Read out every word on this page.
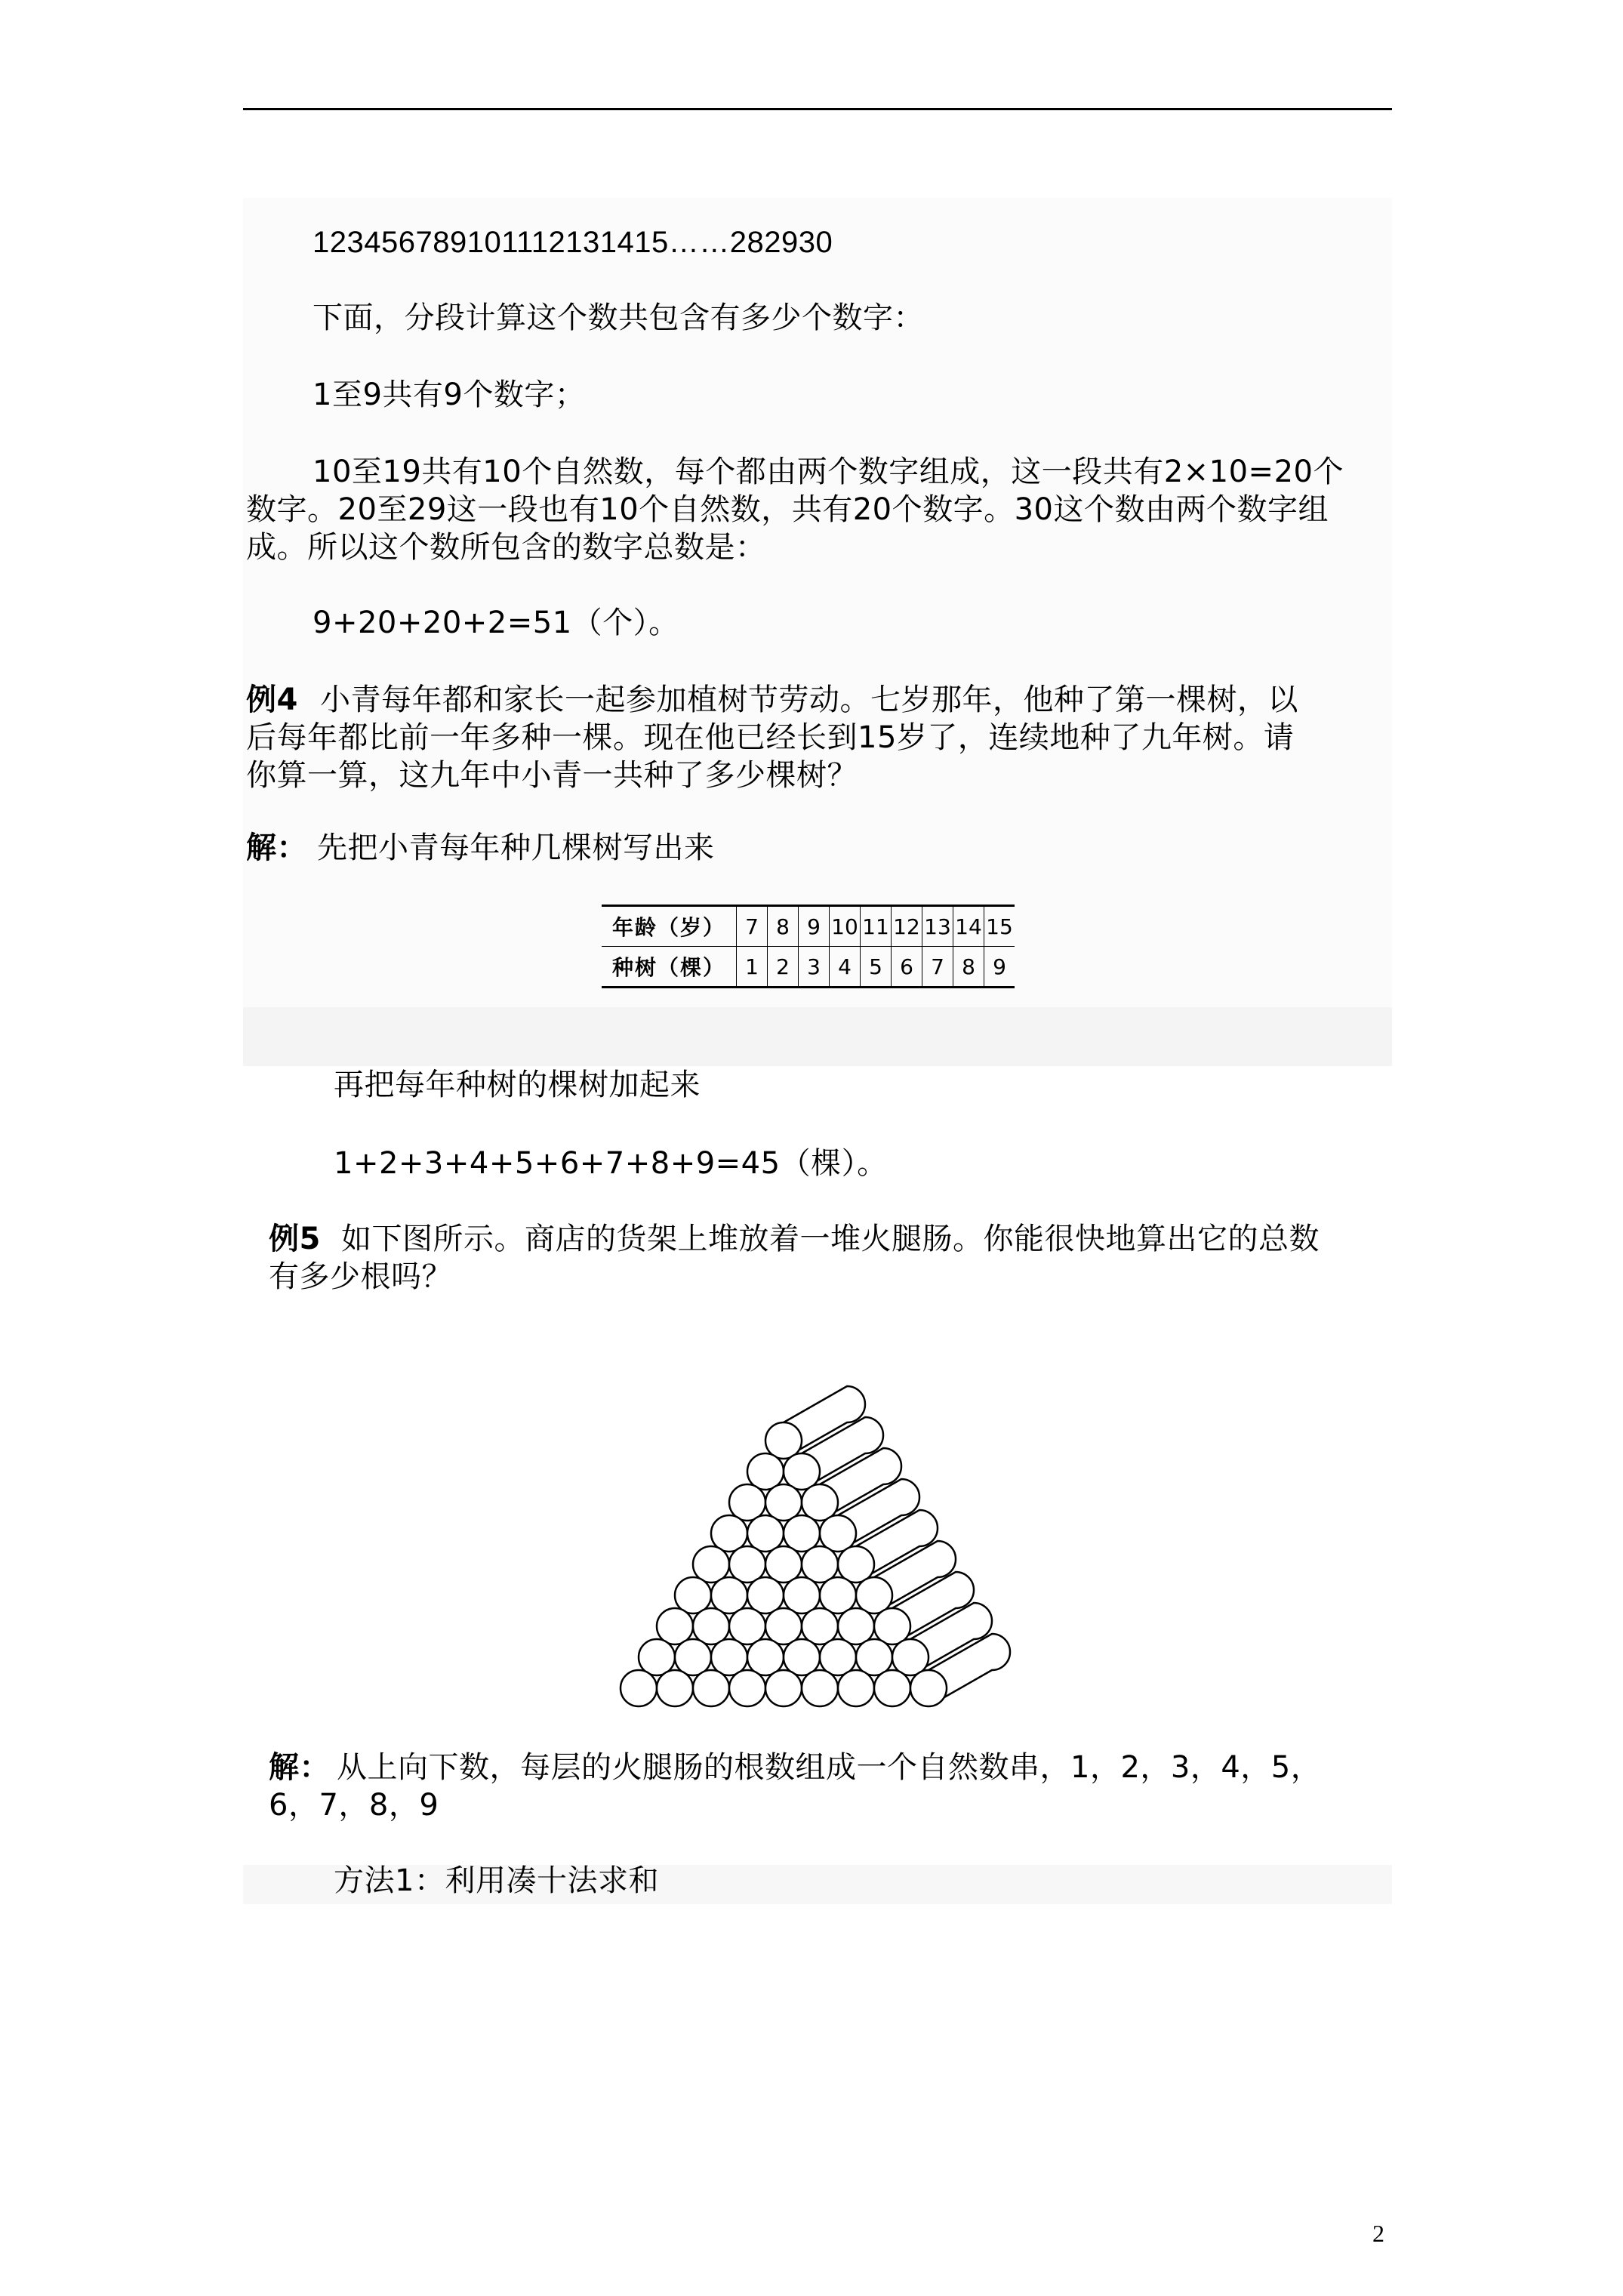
123456789101112131415……282930
下面，分段计算这个数共包含有多少个数字：
1至9共有9个数字；
10至19共有10个自然数，每个都由两个数字组成，这一段共有2×10=20个
数字。20至29这一段也有10个自然数，共有20个数字。30这个数由两个数字组
成。所以这个数所包含的数字总数是：
9+20+20+2=51（个）。
例4 小青每年都和家长一起参加植树节劳动。七岁那年，他种了第一棵树，以
后每年都比前一年多种一棵。现在他已经长到15岁了，连续地种了九年树。请
你算一算，这九年中小青一共种了多少棵树？
解： 先把小青每年种几棵树写出来
年龄（岁）	7	8	9	10	11	12	13	14	15
种树（棵）	1	2	3	4	5	6	7	8	9
再把每年种树的棵树加起来
1+2+3+4+5+6+7+8+9=45（棵）。
例5 如下图所示。商店的货架上堆放着一堆火腿肠。你能很快地算出它的总数
有多少根吗？
解： 从上向下数，每层的火腿肠的根数组成一个自然数串，1，2，3，4，5，
6，7，8，9
方法1：利用凑十法求和
2
